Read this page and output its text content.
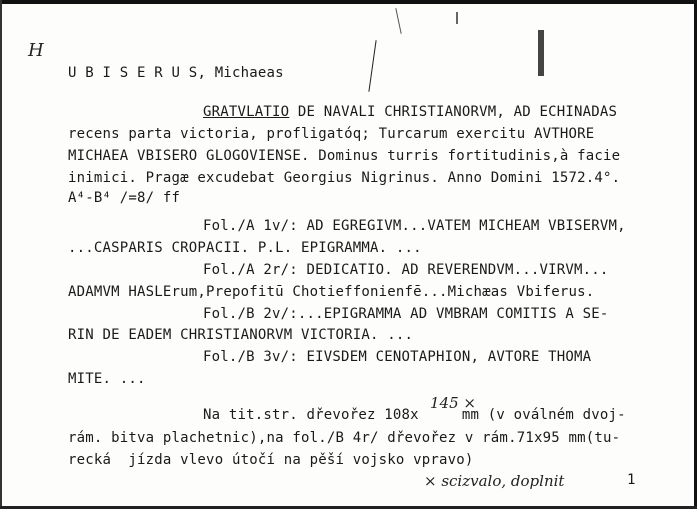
H
U B I S E R U S, Michaeas
GRATVLATIO DE NAVALI CHRISTIANORVM, AD ECHINADAS
recens parta victoria, profligatóq; Turcarum exercitu AVTHORE
MICHAEA VBISERO GLOGOVIENSE. Dominus turris fortitudinis,à facie
inimici. Pragæ excudebat Georgius Nigrinus. Anno Domini 1572.4°.
A⁴-B⁴ /=8/ ff
Fol./A 1v/: AD EGREGIVM...VATEM MICHEAM VBISERVM,
...CASPARIS CROPACII. P.L. EPIGRAMMA. ...
Fol./A 2r/: DEDICATIO. AD REVERENDVM...VIRVM...
ADAMVM HASLErum,Prepofitū Chotieffonienfē...Michæas Vbiferus.
Fol./B 2v/:...EPIGRAMMA AD VMBRAM COMITIS A SE-
RIN DE EADEM CHRISTIANORVM VICTORIA. ...
Fol./B 3v/: EIVSDEM CENOTAPHION, AVTORE THOMA
MITE. ...
Na tit.str. dřevořez 108x     mm (v oválném dvoj-
145 ×
rám. bitva plachetnic),na fol./B 4r/ dřevořez v rám.71x95 mm(tu-
recká  jízda vlevo útočí na pěší vojsko vpravo)
× scizvalo, doplnit	1
